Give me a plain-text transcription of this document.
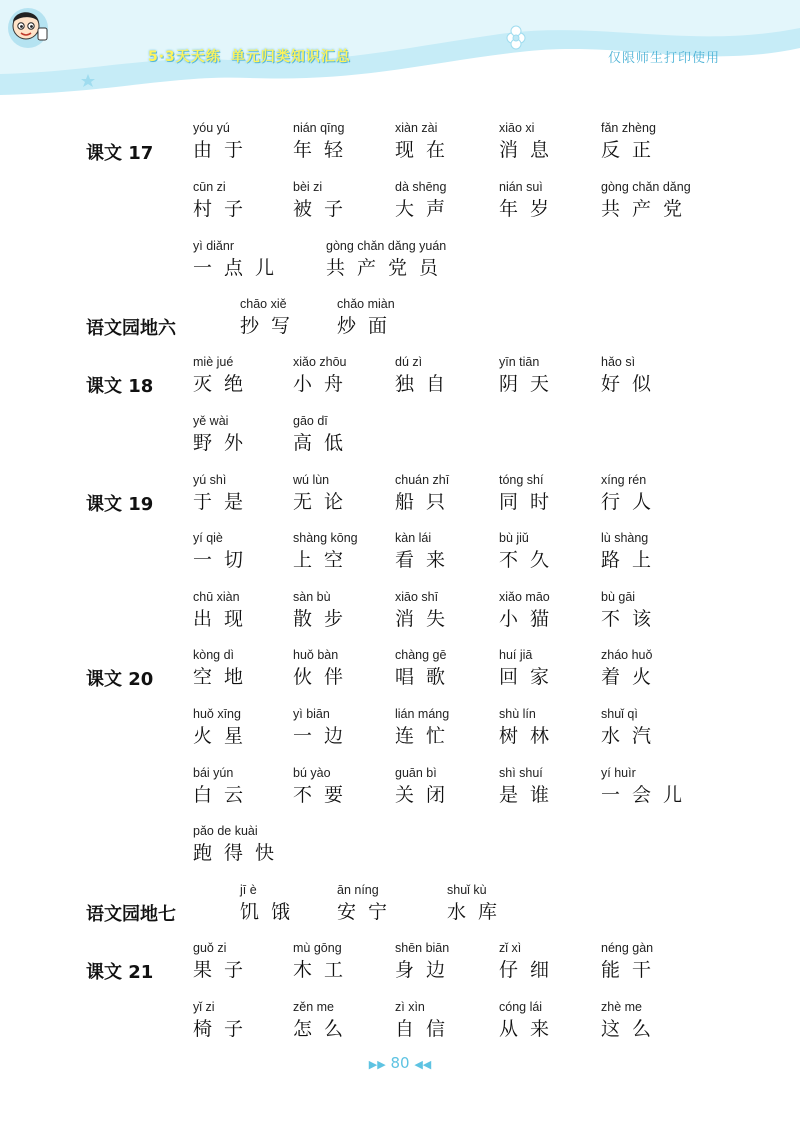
5·3天天练 单元归类知识汇总	仅限师生打印使用
课文 17
yóu yú
由于
nián qīng
年轻
xiàn zài
现在
xiāo xi
消息
fǎn zhèng
反正
cūn zi
村子
bèi zi
被子
dà shēng
大声
nián suì
年岁
gòng chǎn dǎng
共产党
yì diǎnr
一点儿
gòng chǎn dǎng yuán
共产党员
语文园地六
chāo xiě
抄写
chǎo miàn
炒面
课文 18
miè jué
灭绝
xiǎo zhōu
小舟
dú zì
独自
yīn tiān
阴天
hǎo sì
好似
yě wài
野外
gāo dī
高低
课文 19
yú shì
于是
wú lùn
无论
chuán zhī
船只
tóng shí
同时
xíng rén
行人
yí qiè
一切
shàng kōng
上空
kàn lái
看来
bù jiǔ
不久
lù shàng
路上
chū xiàn
出现
sàn bù
散步
xiāo shī
消失
xiǎo māo
小猫
bù gāi
不该
课文 20
kòng dì
空地
huǒ bàn
伙伴
chàng gē
唱歌
huí jiā
回家
zháo huǒ
着火
huǒ xīng
火星
yì biān
一边
lián máng
连忙
shù lín
树林
shuǐ qì
水汽
bái yún
白云
bú yào
不要
guān bì
关闭
shì shuí
是谁
yí huìr
一会儿
pǎo de kuài
跑得快
语文园地七
jī è
饥饿
ān níng
安宁
shuǐ kù
水库
课文 21
guǒ zi
果子
mù gōng
木工
shēn biān
身边
zǐ xì
仔细
néng gàn
能干
yǐ zi
椅子
zěn me
怎么
zì xìn
自信
cóng lái
从来
zhè me
这么
▶▶ 80 ◀◀
